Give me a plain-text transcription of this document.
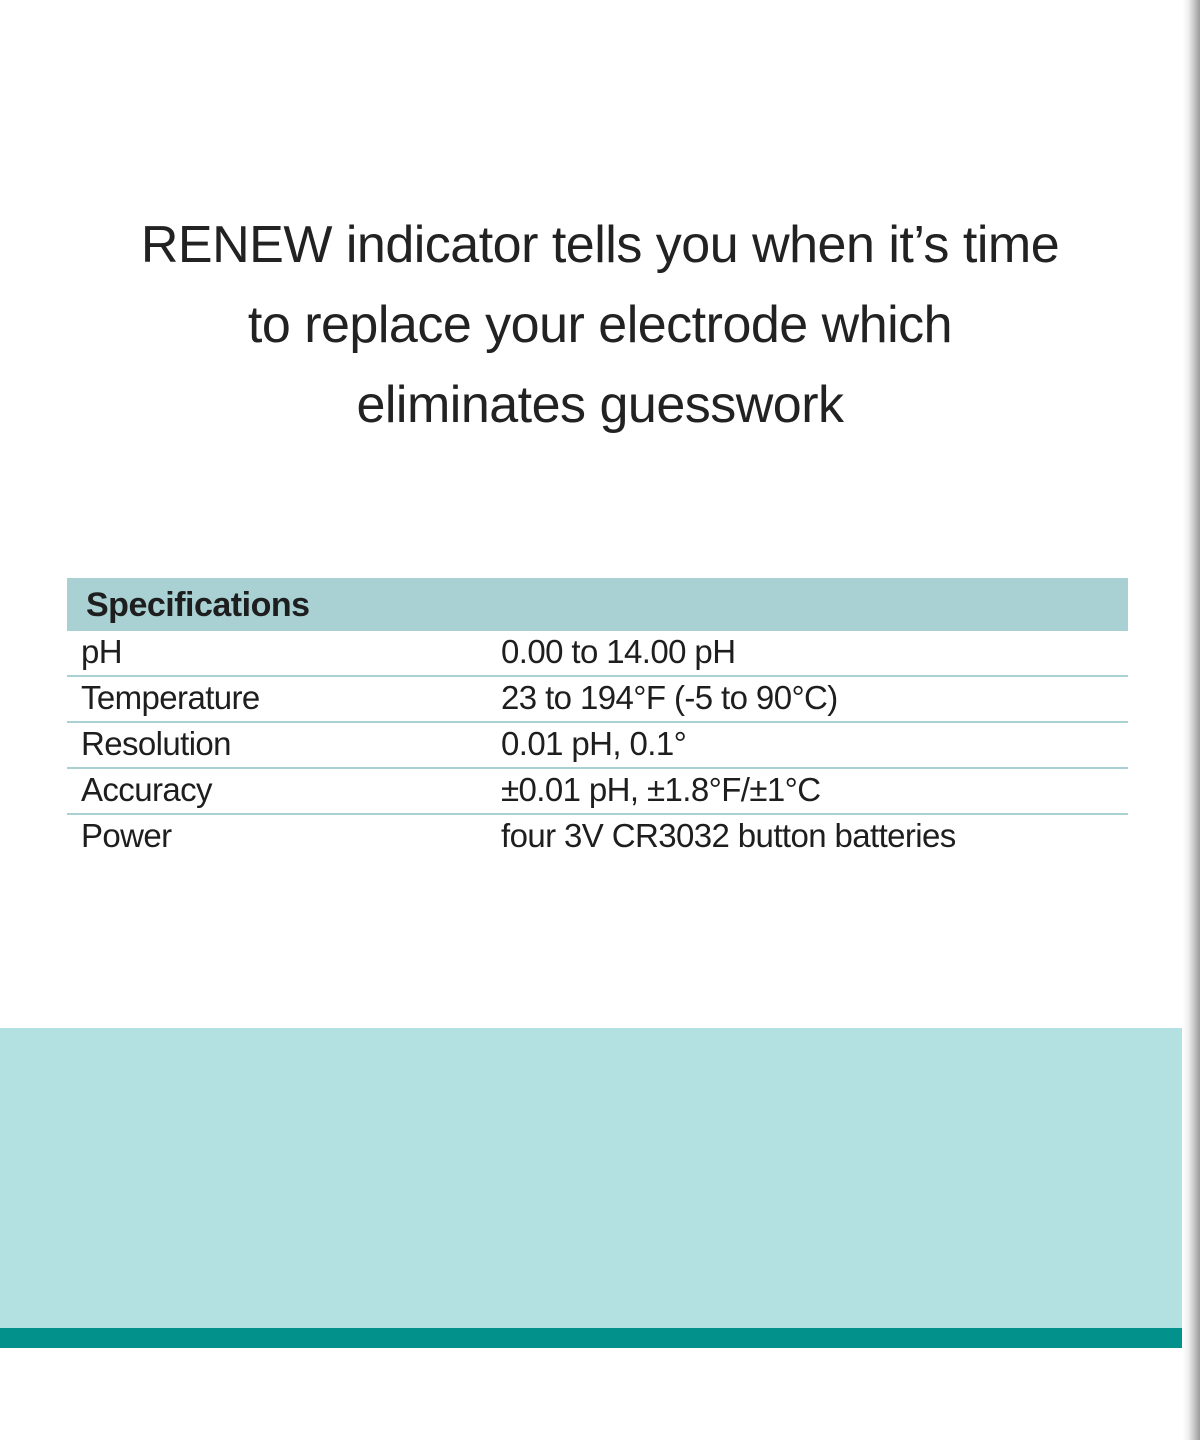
RENEW indicator tells you when it’s time
to replace your electrode which
eliminates guesswork
Specifications
pH	0.00 to 14.00 pH
Temperature	23 to 194°F (-5 to 90°C)
Resolution	0.01 pH, 0.1°
Accuracy	±0.01 pH, ±1.8°F/±1°C
Power	four 3V CR3032 button batteries
